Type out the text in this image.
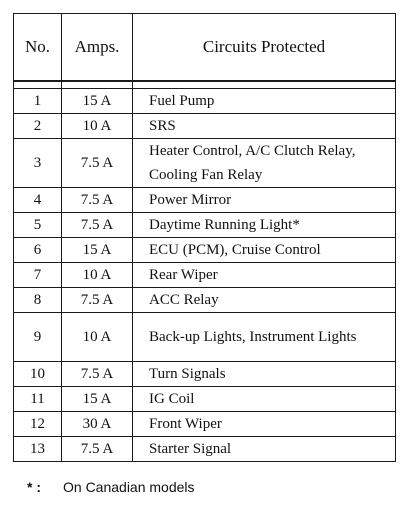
No.	Amps.	Circuits Protected

1	15 A	Fuel Pump
2	10 A	SRS
3	7.5 A	Heater Control, A/C Clutch Relay, Cooling Fan Relay
4	7.5 A	Power Mirror
5	7.5 A	Daytime Running Light*
6	15 A	ECU (PCM), Cruise Control
7	10 A	Rear Wiper
8	7.5 A	ACC Relay
9	10 A	Back-up Lights, Instrument Lights
10	7.5 A	Turn Signals
11	15 A	IG Coil
12	30 A	Front Wiper
13	7.5 A	Starter Signal
* : On Canadian models
